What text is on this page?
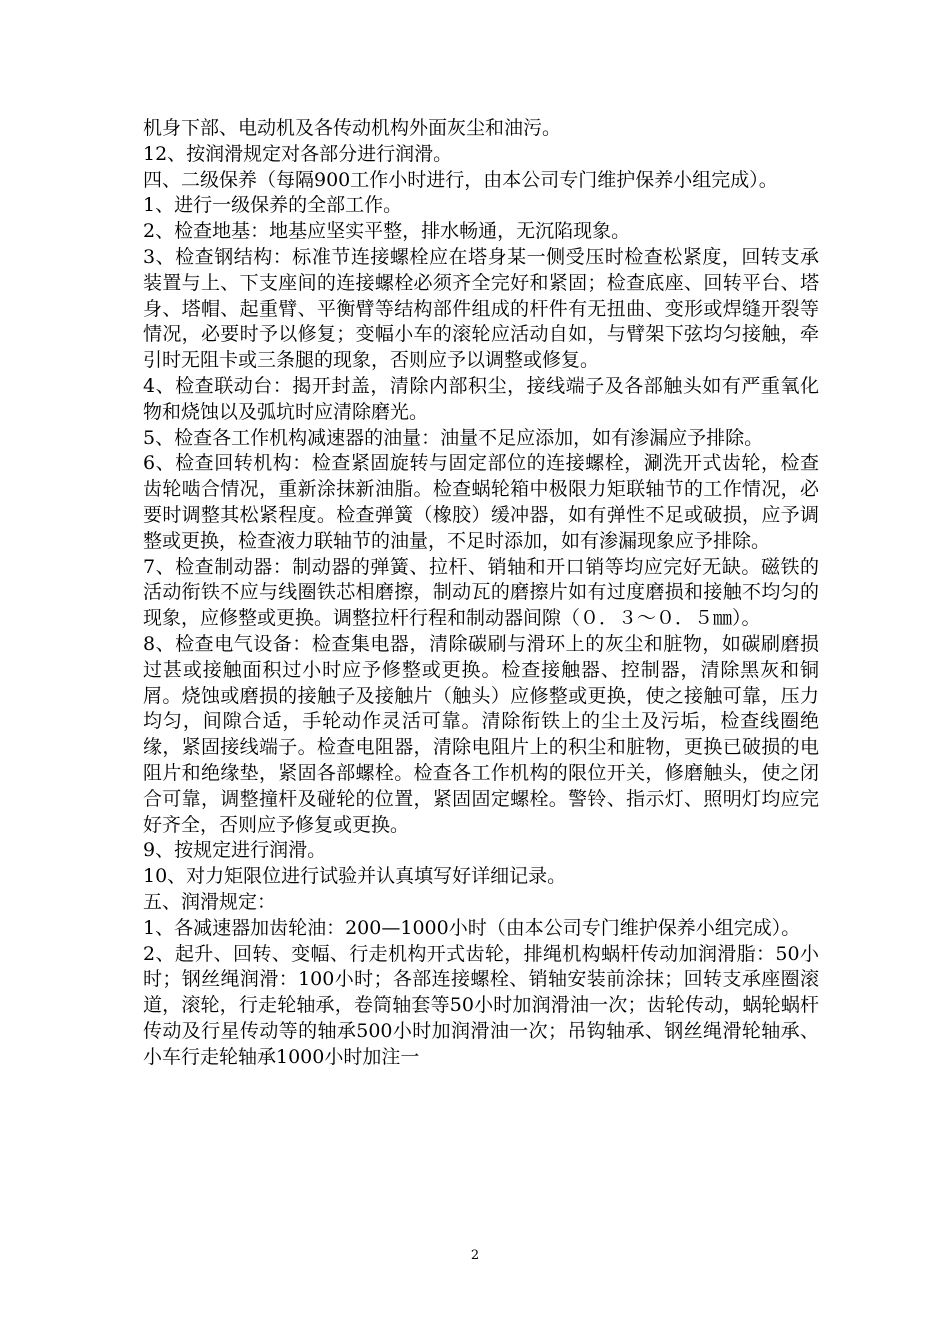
机身下部、电动机及各传动机构外面灰尘和油污。

12、按润滑规定对各部分进行润滑。

四、二级保养（每隔900工作小时进行，由本公司专门维护保养小组完成）。

1、进行一级保养的全部工作。

2、检查地基：地基应坚实平整，排水畅通，无沉陷现象。

3、检查钢结构：标准节连接螺栓应在塔身某一侧受压时检查松紧度，回转支承装置与上、下支座间的连接螺栓必须齐全完好和紧固；检查底座、回转平台、塔身、塔帽、起重臂、平衡臂等结构部件组成的杆件有无扭曲、变形或焊缝开裂等情况，必要时予以修复；变幅小车的滚轮应活动自如，与臂架下弦均匀接触，牵引时无阻卡或三条腿的现象，否则应予以调整或修复。

4、检查联动台：揭开封盖，清除内部积尘，接线端子及各部触头如有严重氧化物和烧蚀以及弧坑时应清除磨光。

5、检查各工作机构减速器的油量：油量不足应添加，如有渗漏应予排除。

6、检查回转机构：检查紧固旋转与固定部位的连接螺栓，涮洗开式齿轮，检查齿轮啮合情况，重新涂抹新油脂。检查蜗轮箱中极限力矩联轴节的工作情况，必要时调整其松紧程度。检查弹簧（橡胶）缓冲器，如有弹性不足或破损，应予调整或更换，检查液力联轴节的油量，不足时添加，如有渗漏现象应予排除。

7、检查制动器：制动器的弹簧、拉杆、销轴和开口销等均应完好无缺。磁铁的活动衔铁不应与线圈铁芯相磨擦，制动瓦的磨擦片如有过度磨损和接触不均匀的现象，应修整或更换。调整拉杆行程和制动器间隙（０．３～０．５㎜）。

8、检查电气设备：检查集电器，清除碳刷与滑环上的灰尘和脏物，如碳刷磨损过甚或接触面积过小时应予修整或更换。检查接触器、控制器，清除黑灰和铜屑。烧蚀或磨损的接触子及接触片（触头）应修整或更换，使之接触可靠，压力均匀，间隙合适，手轮动作灵活可靠。清除衔铁上的尘土及污垢，检查线圈绝缘，紧固接线端子。检查电阻器，清除电阻片上的积尘和脏物，更换已破损的电阻片和绝缘垫，紧固各部螺栓。检查各工作机构的限位开关，修磨触头，使之闭合可靠，调整撞杆及碰轮的位置，紧固固定螺栓。警铃、指示灯、照明灯均应完好齐全，否则应予修复或更换。

9、按规定进行润滑。

10、对力矩限位进行试验并认真填写好详细记录。

五、润滑规定：

1、各减速器加齿轮油：200—1000小时（由本公司专门维护保养小组完成）。

2、起升、回转、变幅、行走机构开式齿轮，排绳机构蜗杆传动加润滑脂：50小时；钢丝绳润滑：100小时；各部连接螺栓、销轴安装前涂抹；回转支承座圈滚道，滚轮，行走轮轴承，卷筒轴套等50小时加润滑油一次；齿轮传动，蜗轮蜗杆传动及行星传动等的轴承500小时加润滑油一次；吊钩轴承、钢丝绳滑轮轴承、小车行走轮轴承1000小时加注一

2
